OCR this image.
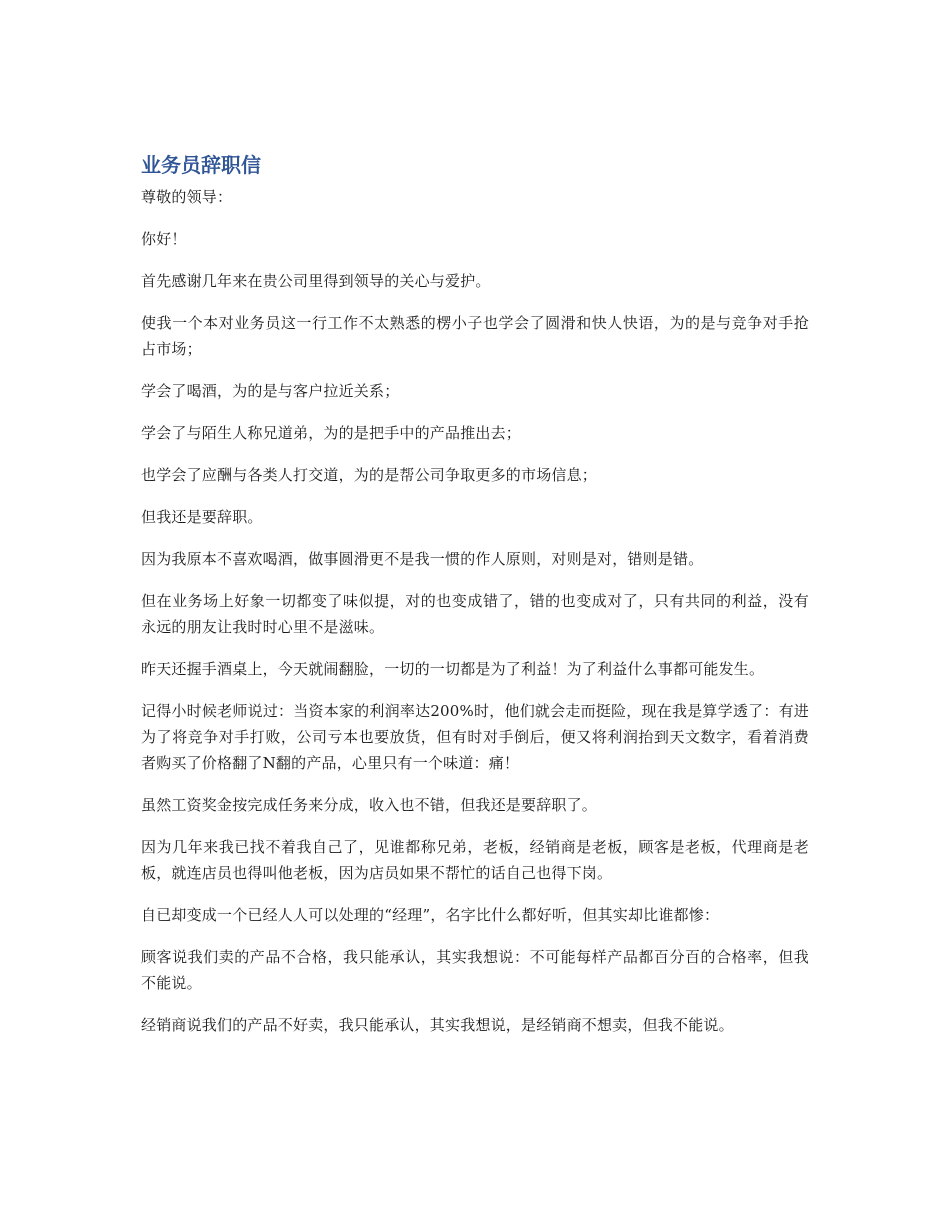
业务员辞职信

尊敬的领导：

你好！

首先感谢几年来在贵公司里得到领导的关心与爱护。

使我一个本对业务员这一行工作不太熟悉的楞小子也学会了圆滑和快人快语，为的是与竞争对手抢占市场；

学会了喝酒，为的是与客户拉近关系；

学会了与陌生人称兄道弟，为的是把手中的产品推出去；

也学会了应酬与各类人打交道，为的是帮公司争取更多的市场信息；

但我还是要辞职。

因为我原本不喜欢喝酒，做事圆滑更不是我一惯的作人原则，对则是对，错则是错。

但在业务场上好象一切都变了味似提，对的也变成错了，错的也变成对了，只有共同的利益，没有永远的朋友让我时时心里不是滋味。

昨天还握手酒桌上，今天就闹翻脸，一切的一切都是为了利益！为了利益什么事都可能发生。

记得小时候老师说过：当资本家的利润率达200%时，他们就会走而挺险，现在我是算学透了：有进为了将竞争对手打败，公司亏本也要放货，但有时对手倒后，便又将利润抬到天文数字，看着消费者购买了价格翻了N翻的产品，心里只有一个味道：痛！

虽然工资奖金按完成任务来分成，收入也不错，但我还是要辞职了。

因为几年来我已找不着我自己了，见谁都称兄弟，老板，经销商是老板，顾客是老板，代理商是老板，就连店员也得叫他老板，因为店员如果不帮忙的话自己也得下岗。

自已却变成一个已经人人可以处理的“经理”，名字比什么都好听，但其实却比谁都惨：

顾客说我们卖的产品不合格，我只能承认，其实我想说：不可能每样产品都百分百的合格率，但我不能说。

经销商说我们的产品不好卖，我只能承认，其实我想说，是经销商不想卖，但我不能说。
